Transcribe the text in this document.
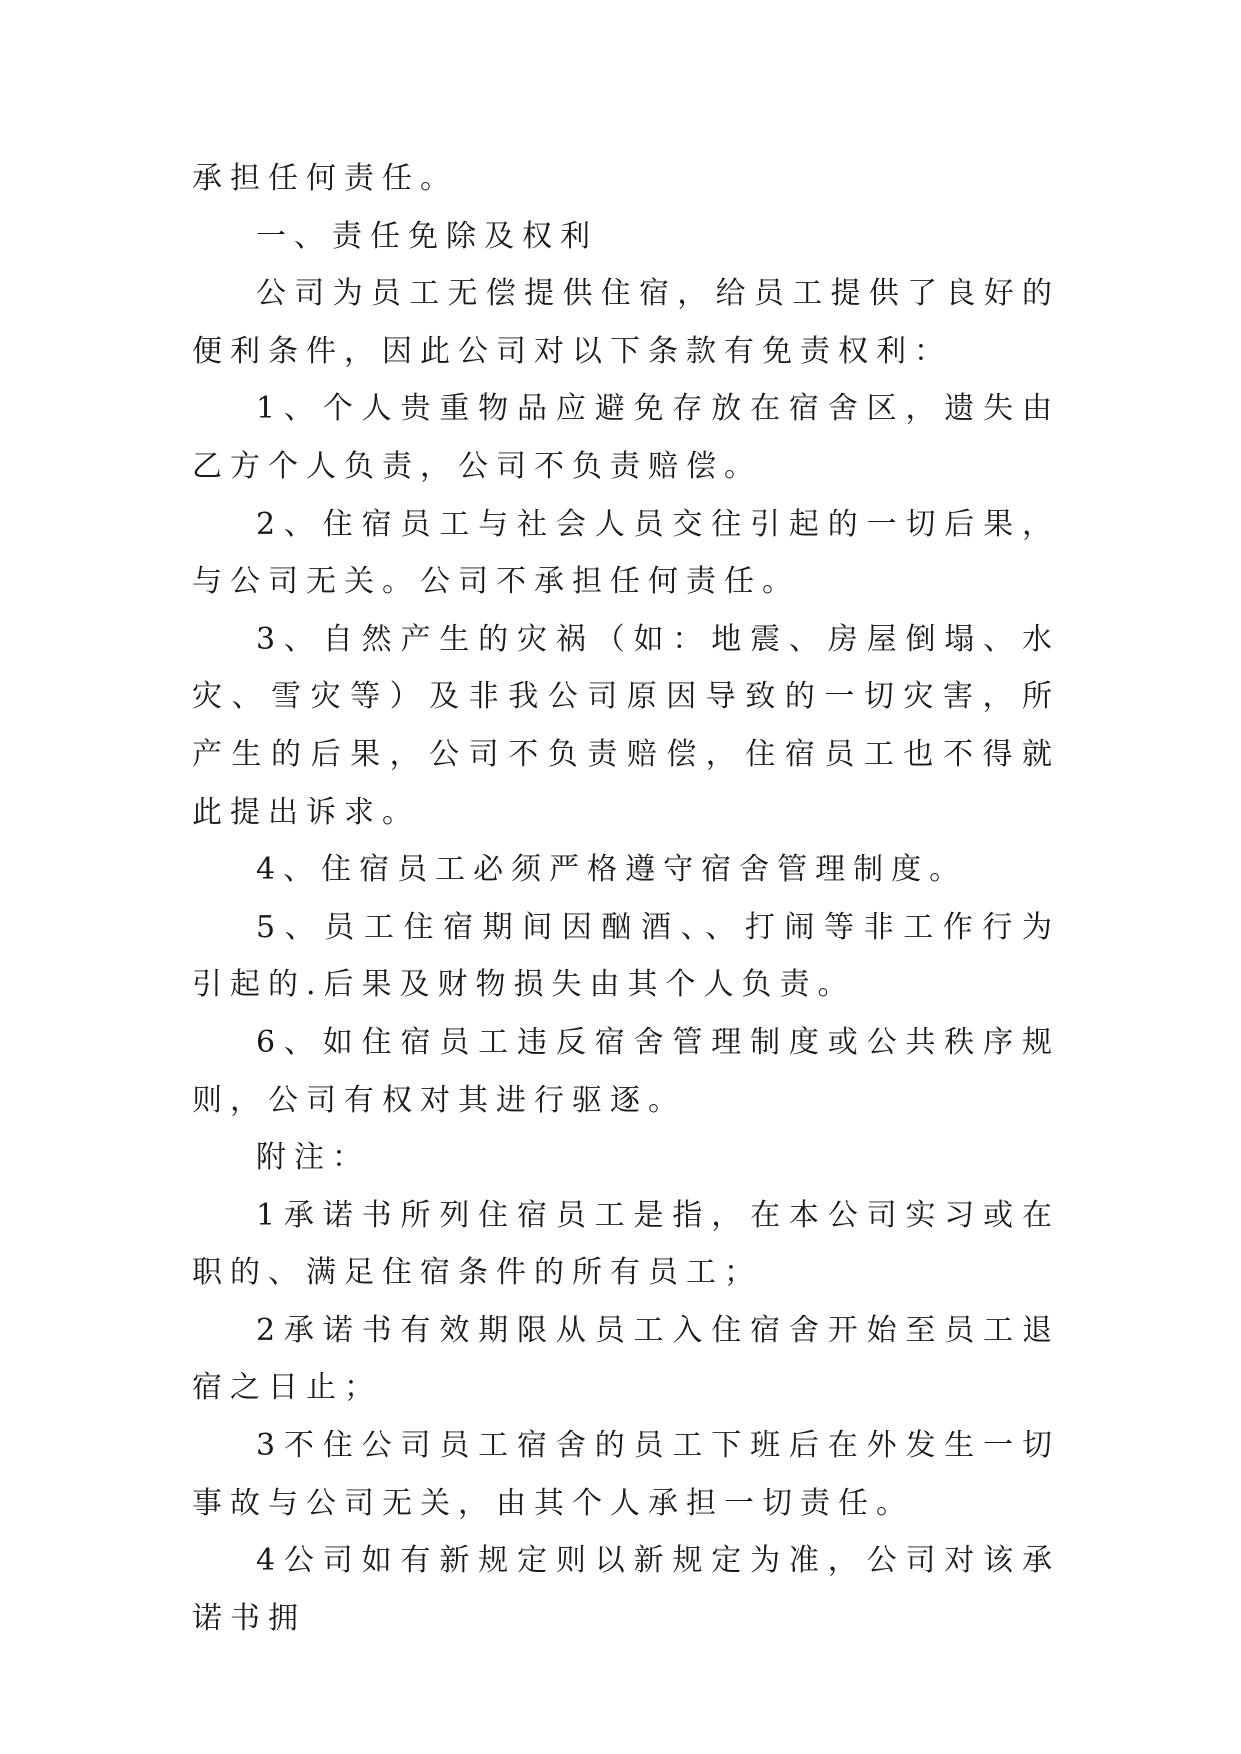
承担任何责任。

一、责任免除及权利

公司为员工无偿提供住宿，给员工提供了良好的便利条件，因此公司对以下条款有免责权利：

1、个人贵重物品应避免存放在宿舍区，遗失由乙方个人负责，公司不负责赔偿。

2、住宿员工与社会人员交往引起的一切后果，与公司无关。公司不承担任何责任。

3、自然产生的灾祸（如：地震、房屋倒塌、水灾、雪灾等）及非我公司原因导致的一切灾害，所产生的后果，公司不负责赔偿，住宿员工也不得就此提出诉求。

4、住宿员工必须严格遵守宿舍管理制度。

5、员工住宿期间因酗酒、、打闹等非工作行为引起的.后果及财物损失由其个人负责。

6、如住宿员工违反宿舍管理制度或公共秩序规则，公司有权对其进行驱逐。

附注：

1承诺书所列住宿员工是指，在本公司实习或在职的、满足住宿条件的所有员工；

2承诺书有效期限从员工入住宿舍开始至员工退宿之日止；

3不住公司员工宿舍的员工下班后在外发生一切事故与公司无关，由其个人承担一切责任。

4公司如有新规定则以新规定为准，公司对该承诺书拥
